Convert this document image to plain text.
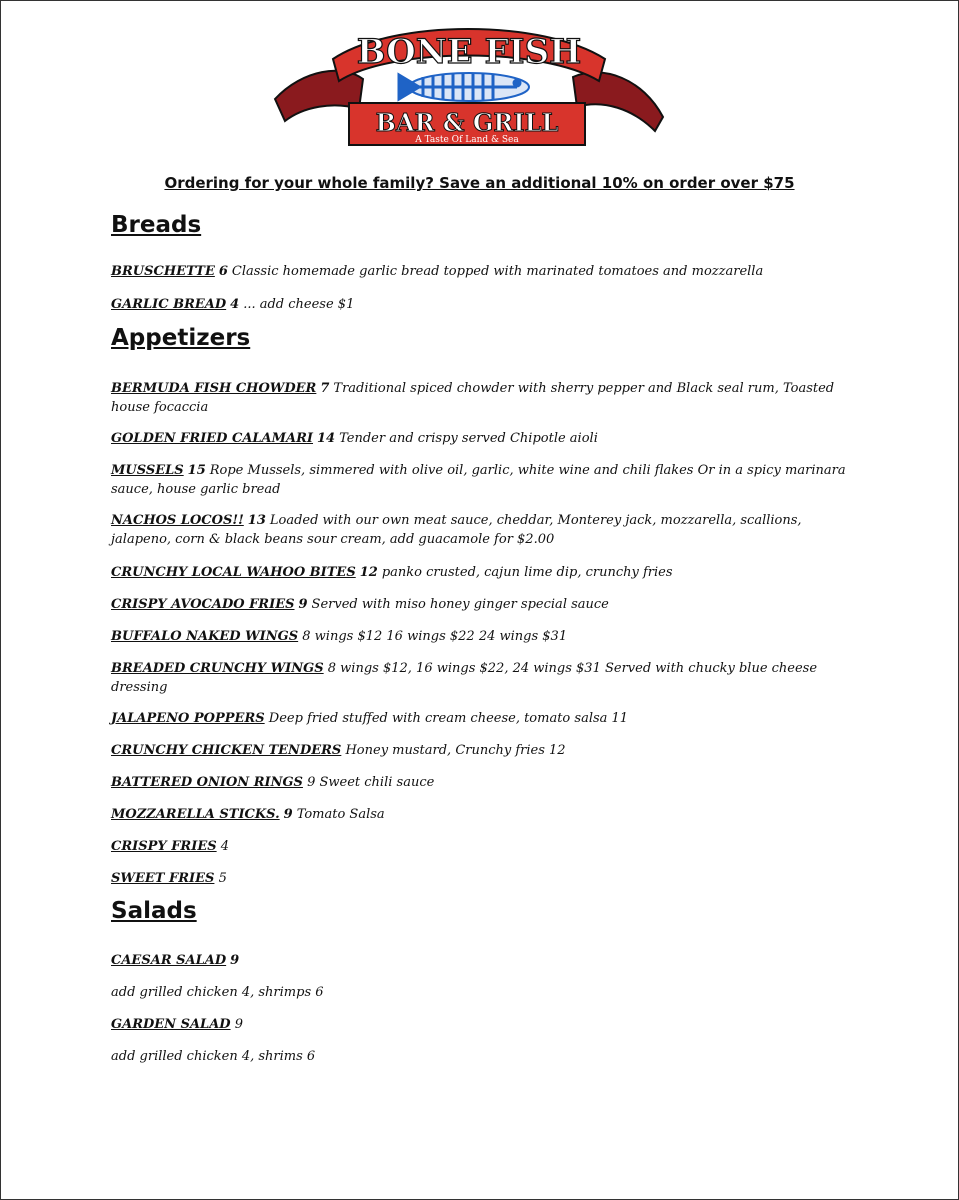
BONE FISH
BAR & GRILL
A Taste Of Land & Sea
Ordering for your whole family? Save an additional 10% on order over $75
Breads

BRUSCHETTE 6 Classic homemade garlic bread topped with marinated tomatoes and mozzarella

GARLIC BREAD 4 ... add cheese $1

Appetizers

BERMUDA FISH CHOWDER 7 Traditional spiced chowder with sherry pepper and Black seal rum, Toasted house focaccia

GOLDEN FRIED CALAMARI 14 Tender and crispy served Chipotle aioli

MUSSELS 15 Rope Mussels, simmered with olive oil, garlic, white wine and chili flakes Or in a spicy marinara sauce, house garlic bread

NACHOS LOCOS!! 13 Loaded with our own meat sauce, cheddar, Monterey jack, mozzarella, scallions, jalapeno, corn & black beans sour cream, add guacamole for $2.00

CRUNCHY LOCAL WAHOO BITES 12 panko crusted, cajun lime dip, crunchy fries

CRISPY AVOCADO FRIES 9 Served with miso honey ginger special sauce

BUFFALO NAKED WINGS 8 wings $12 16 wings $22 24 wings $31

BREADED CRUNCHY WINGS 8 wings $12, 16 wings $22, 24 wings $31 Served with chucky blue cheese dressing

JALAPENO POPPERS Deep fried stuffed with cream cheese, tomato salsa 11

CRUNCHY CHICKEN TENDERS Honey mustard, Crunchy fries 12

BATTERED ONION RINGS 9 Sweet chili sauce

MOZZARELLA STICKS. 9 Tomato Salsa

CRISPY FRIES 4

SWEET FRIES 5

Salads

CAESAR SALAD 9

add grilled chicken 4, shrimps 6

GARDEN SALAD 9

add grilled chicken 4, shrims 6
